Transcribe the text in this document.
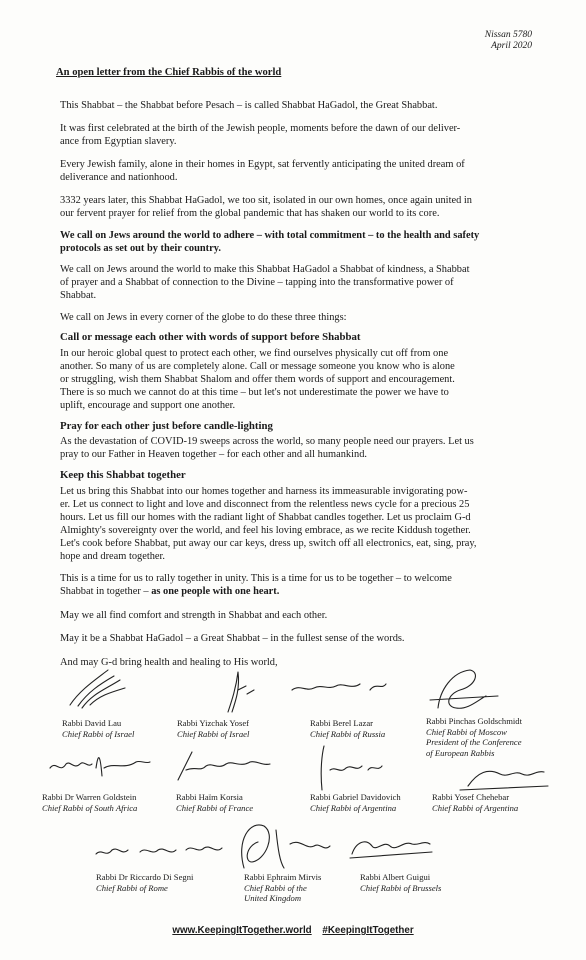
Nissan 5780
April 2020
An open letter from the Chief Rabbis of the world
This Shabbat – the Shabbat before Pesach – is called Shabbat HaGadol, the Great Shabbat.
It was first celebrated at the birth of the Jewish people, moments before the dawn of our deliver-
ance from Egyptian slavery.
Every Jewish family, alone in their homes in Egypt, sat fervently anticipating the united dream of
deliverance and nationhood.
3332 years later, this Shabbat HaGadol, we too sit, isolated in our own homes, once again united in
our fervent prayer for relief from the global pandemic that has shaken our world to its core.
We call on Jews around the world to adhere – with total commitment – to the health and safety
protocols as set out by their country.
We call on Jews around the world to make this Shabbat HaGadol a Shabbat of kindness, a Shabbat
of prayer and a Shabbat of connection to the Divine – tapping into the transformative power of
Shabbat.
We call on Jews in every corner of the globe to do these three things:
Call or message each other with words of support before Shabbat
In our heroic global quest to protect each other, we find ourselves physically cut off from one
another. So many of us are completely alone. Call or message someone you know who is alone
or struggling, wish them Shabbat Shalom and offer them words of support and encouragement.
There is so much we cannot do at this time – but let's not underestimate the power we have to
uplift, encourage and support one another.
Pray for each other just before candle-lighting
As the devastation of COVID-19 sweeps across the world, so many people need our prayers. Let us
pray to our Father in Heaven together – for each other and all humankind.
Keep this Shabbat together
Let us bring this Shabbat into our homes together and harness its immeasurable invigorating pow-
er. Let us connect to light and love and disconnect from the relentless news cycle for a precious 25
hours. Let us fill our homes with the radiant light of Shabbat candles together. Let us proclaim G-d
Almighty's sovereignty over the world, and feel his loving embrace, as we recite Kiddush together.
Let's cook before Shabbat, put away our car keys, dress up, switch off all electronics, eat, sing, pray,
hope and dream together.
This is a time for us to rally together in unity. This is a time for us to be together – to welcome
Shabbat in together – as one people with one heart.
May we all find comfort and strength in Shabbat and each other.
May it be a Shabbat HaGadol – a Great Shabbat – in the fullest sense of the words.
And may G-d bring health and healing to His world,
Rabbi David Lau
Chief Rabbi of Israel
Rabbi Yizchak Yosef
Chief Rabbi of Israel
Rabbi Berel Lazar
Chief Rabbi of Russia
Rabbi Pinchas Goldschmidt
Chief Rabbi of Moscow
President of the Conference
of European Rabbis
Rabbi Dr Warren Goldstein
Chief Rabbi of South Africa
Rabbi Haïm Korsia
Chief Rabbi of France
Rabbi Gabriel Davidovich
Chief Rabbi of Argentina
Rabbi Yosef Chehebar
Chief Rabbi of Argentina
Rabbi Dr Riccardo Di Segni
Chief Rabbi of Rome
Rabbi Ephraim Mirvis
Chief Rabbi of the
United Kingdom
Rabbi Albert Guigui
Chief Rabbi of Brussels
www.KeepingItTogether.world #KeepingItTogether
